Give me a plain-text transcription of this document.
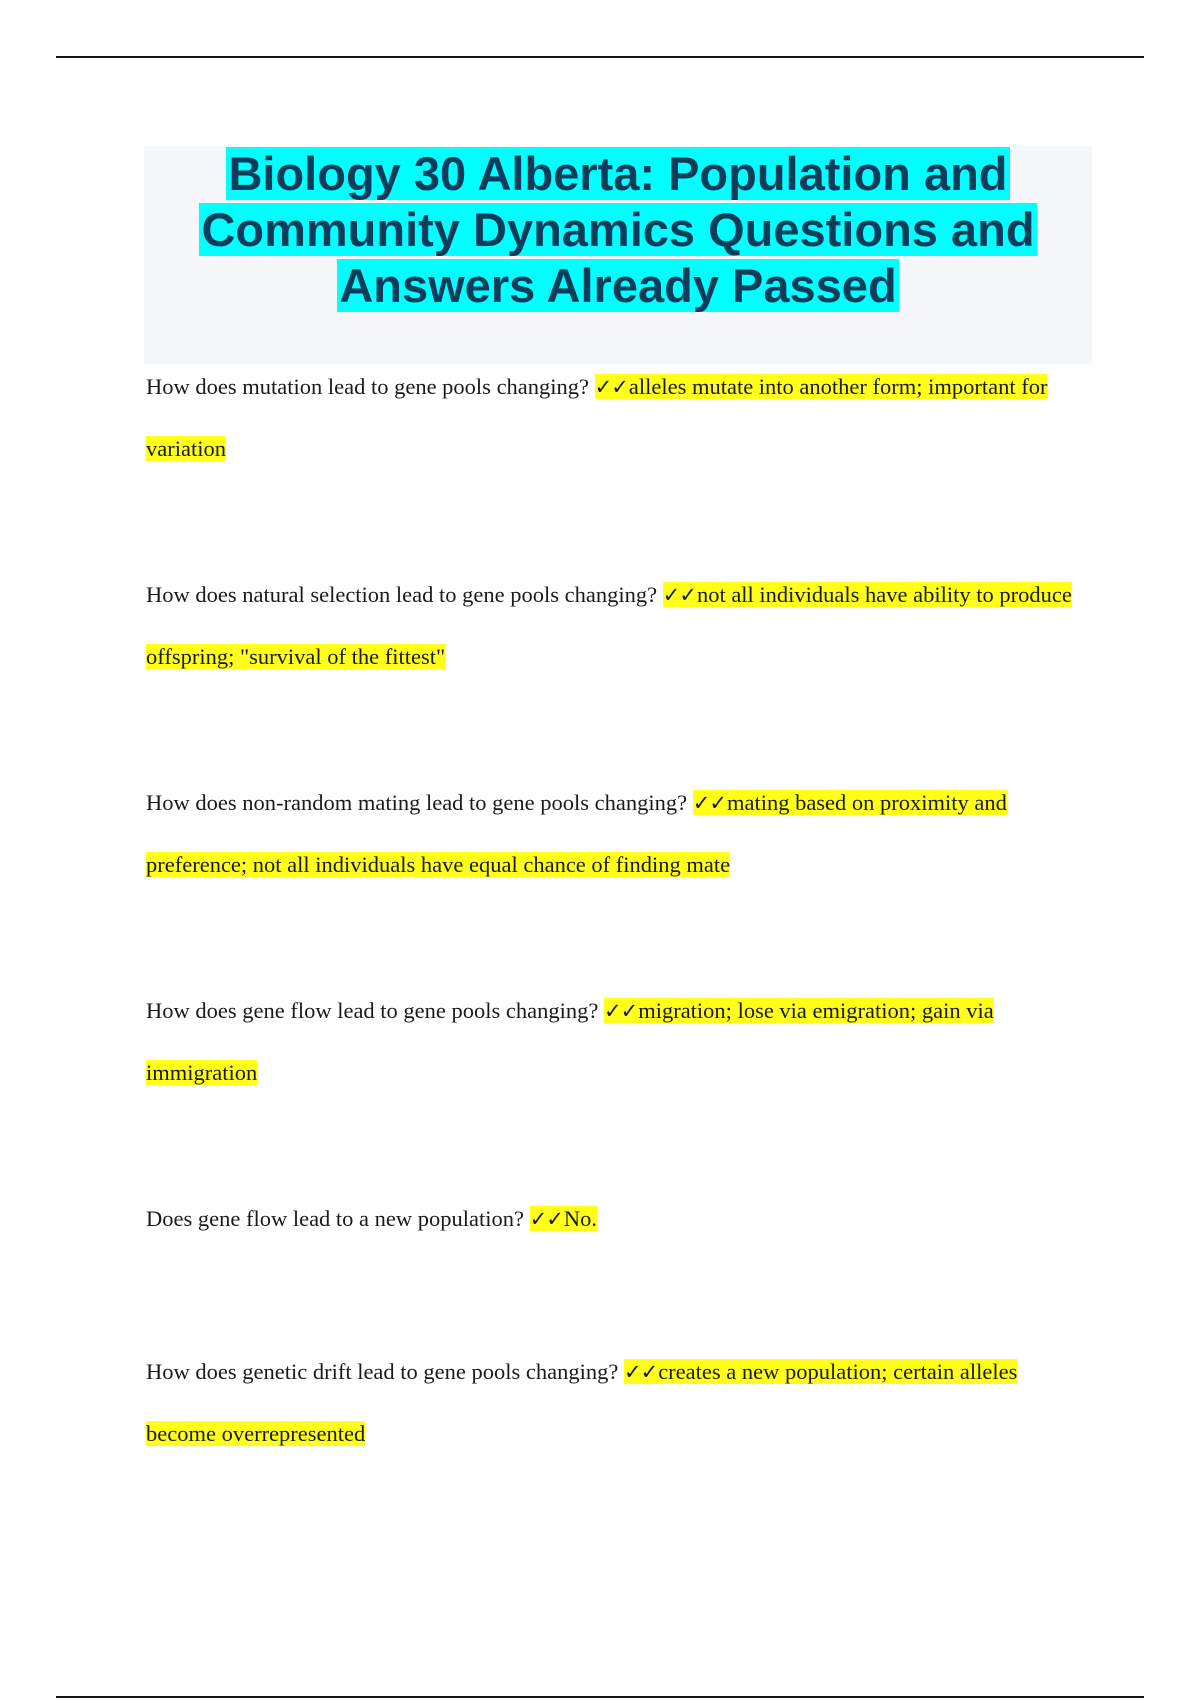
Biology 30 Alberta: Population and
Community Dynamics Questions and
Answers Already Passed
How does mutation lead to gene pools changing? ✓✓alleles mutate into another form; important for variation
How does natural selection lead to gene pools changing? ✓✓not all individuals have ability to produce offspring; "survival of the fittest"
How does non-random mating lead to gene pools changing? ✓✓mating based on proximity and preference; not all individuals have equal chance of finding mate
How does gene flow lead to gene pools changing? ✓✓migration; lose via emigration; gain via immigration
Does gene flow lead to a new population? ✓✓No.
How does genetic drift lead to gene pools changing? ✓✓creates a new population; certain alleles become overrepresented
